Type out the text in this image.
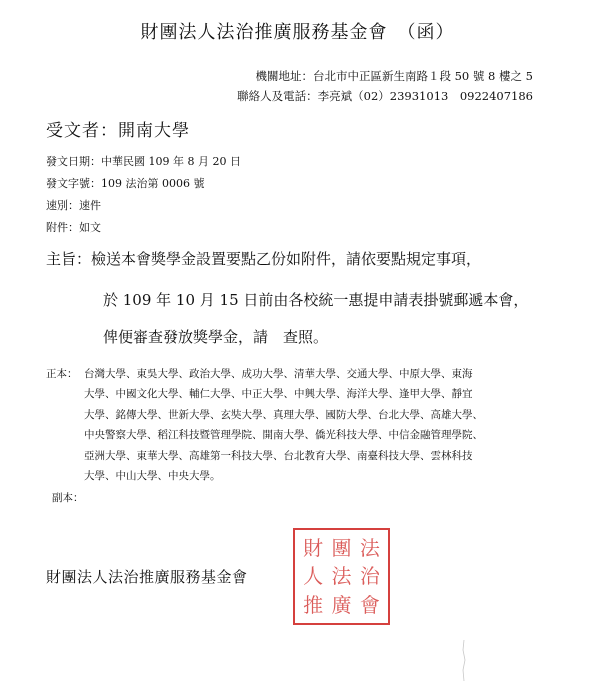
財團法人法治推廣服務基金會　（函）
機關地址：台北市中正區新生南路１段 50 號 8 樓之 5
聯絡人及電話：李亮斌（02）23931013　0922407186
受文者：開南大學
發文日期：中華民國 109 年 8 月 20 日
發文字號：109 法治第 0006 號
速別：速件
附件：如文
主旨：檢送本會獎學金設置要點乙份如附件，請依要點規定事項，
於 109 年 10 月 15 日前由各校統一惠提申請表掛號郵遞本會，
俾便審查發放獎學金，請　查照。
正本： 台灣大學、東吳大學、政治大學、成功大學、清華大學、交通大學、中原大學、東海
大學、中國文化大學、輔仁大學、中正大學、中興大學、海洋大學、逢甲大學、靜宜
大學、銘傳大學、世新大學、玄奘大學、真理大學、國防大學、台北大學、高雄大學、
中央警察大學、稻江科技暨管理學院、開南大學、僑光科技大學、中信金融管理學院、
亞洲大學、東華大學、高雄第一科技大學、台北教育大學、南臺科技大學、雲林科技
大學、中山大學、中央大學。
副本：
財團法人法治推廣服務基金會
財 團 法
人 法 治
推 廣 會
